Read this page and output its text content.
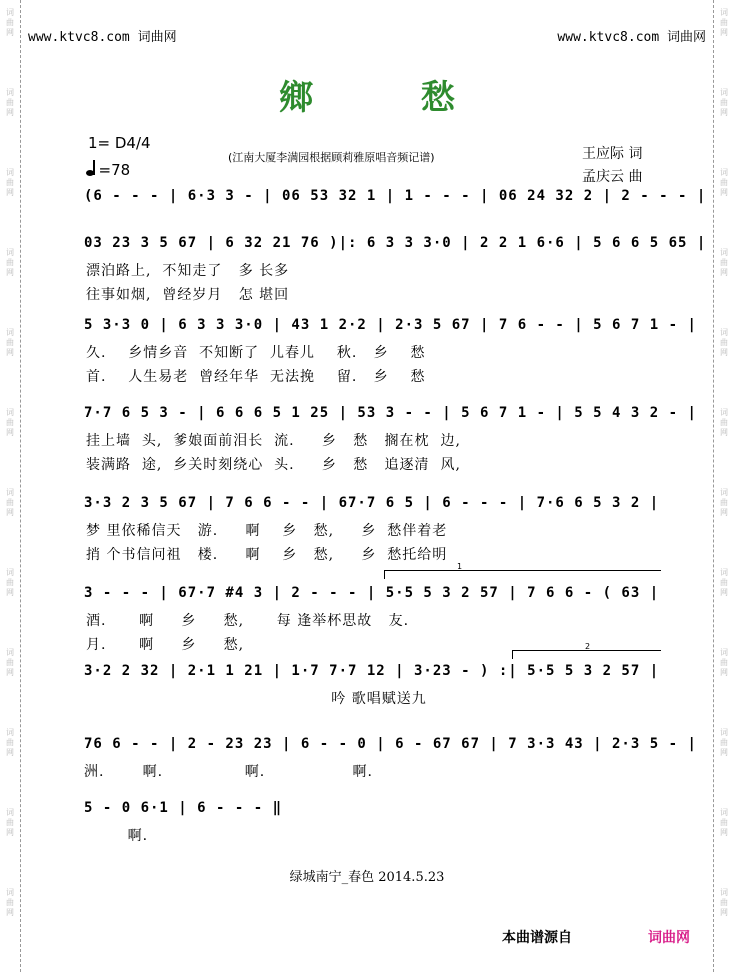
词
曲
网
词
曲
网
词
曲
网
词
曲
网
词
曲
网
词
曲
网
词
曲
网
词
曲
网
词
曲
网
词
曲
网
词
曲
网
词
曲
网
词
曲
网
词
曲
网
词
曲
网
词
曲
网
词
曲
网
词
曲
网
词
曲
网
词
曲
网
词
曲
网
词
曲
网
词
曲
网
词
曲
网
www.ktvc8.com 词曲网	www.ktvc8.com 词曲网
鄉 愁
1= D4/4
=78
(江南大厦李满园根据顾莉雅原唱音频记谱)	王应际 词
孟庆云 曲
(6 - - - | 6·3 3 - | 06 53 32 1 | 1 - - - | 06 24 32 2 | 2 - - - |
03 23 3 5 67 | 6 32 21 76 )|: 6 3 3 3·0 | 2 2 1 6·6 | 5 6 6 5 65 |
漂泊路上,  不知走了   多 长多
往事如烟,  曾经岁月   怎 堪回
5 3·3 0 | 6 3 3 3·0 | 43 1 2·2 | 2·3 5 67 | 7 6 - - | 5 6 7 1 - |
久.    乡情乡音  不知断了  儿春儿    秋.   乡    愁
首.    人生易老  曾经年华  无法挽    留.   乡    愁
7·7 6 5 3 - | 6 6 6 5 1 25 | 53 3 - - | 5 6 7 1 - | 5 5 4 3 2 - |
挂上墙  头,  爹娘面前泪长  流.     乡   愁   搁在枕  边,
装满路  途,  乡关时刻绕心  头.     乡   愁   追逐清  风,
3·3 2 3 5 67 | 7 6 6 - - | 67·7 6 5 | 6 - - - | 7·6 6 5 3 2 |
梦 里依稀信天   游.     啊    乡   愁,     乡  愁伴着老
捎 个书信问祖   楼.     啊    乡   愁,     乡  愁托给明
3 - - - | 67·7 #4 3 | 2 - - - | 5·5 5 3 2 57 | 7 6 6 - ( 63 |
酒.      啊     乡     愁,      每 逢举杯思故   友.
月.      啊     乡     愁,
3·2 2 32 | 2·1 1 21 | 1·7 7·7 12 | 3·23 - ) :| 5·5 5 3 2 57 |
吟 歌唱赋送九
76 6 - - | 2 - 23 23 | 6 - - 0 | 6 - 67 67 | 7 3·3 43 | 2·3 5 - |
洲.       啊.               啊.                啊.
5 - 0 6·1 | 6 - - - ‖
啊.
1
2
绿城南宁_春色 2014.5.23
本曲谱源自	词曲网
